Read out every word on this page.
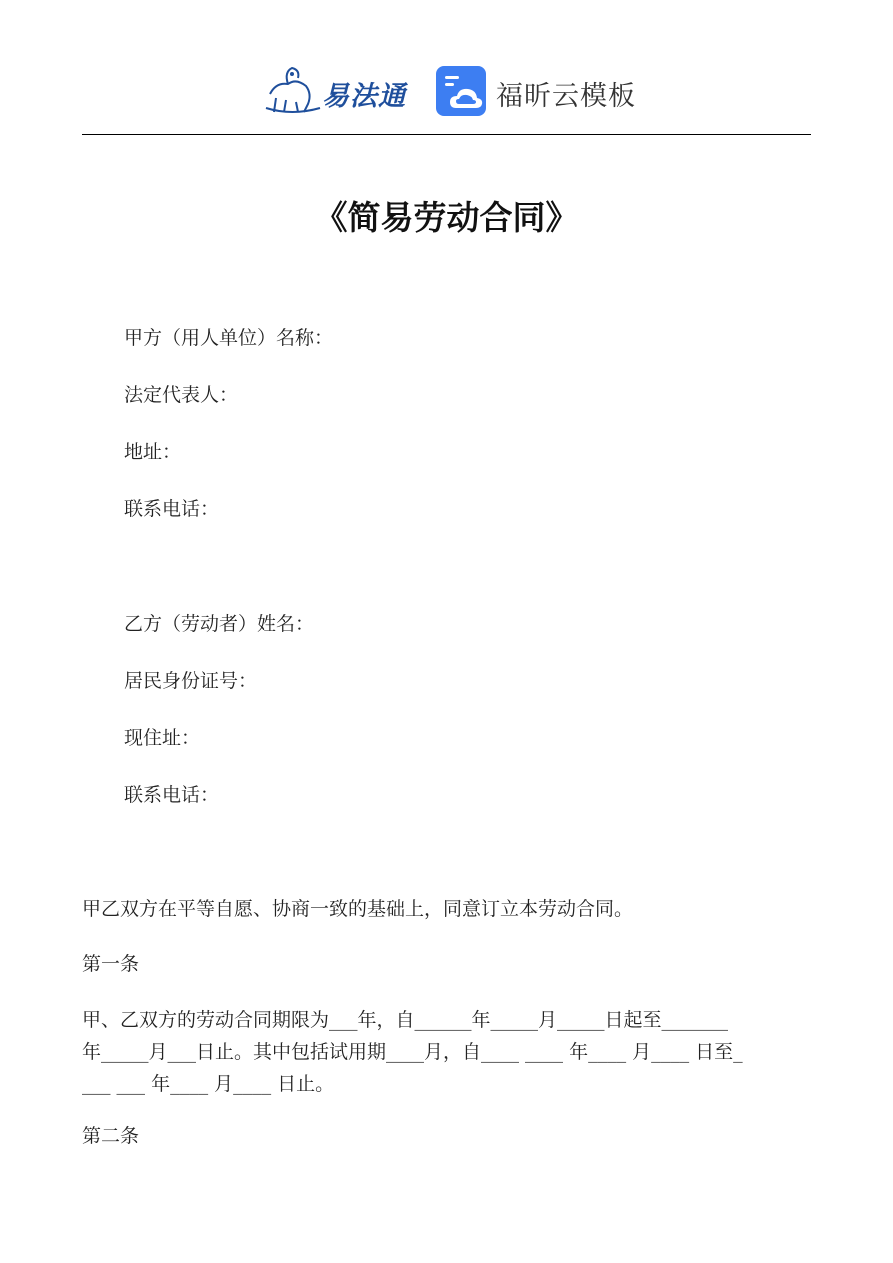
易法通	福昕云模板
《简易劳动合同》
甲方（用人单位）名称：
法定代表人：
地址：
联系电话：
乙方（劳动者）姓名：
居民身份证号：
现住址：
联系电话：
甲乙双方在平等自愿、协商一致的基础上，同意订立本劳动合同。
第一条

甲、乙双方的劳动合同期限为___年，自______年_____月_____日起至_______

年_____月___日止。其中包括试用期____月，自____ ____ 年____ 月____ 日至_

___ ___ 年____ 月____ 日止。

第二条
